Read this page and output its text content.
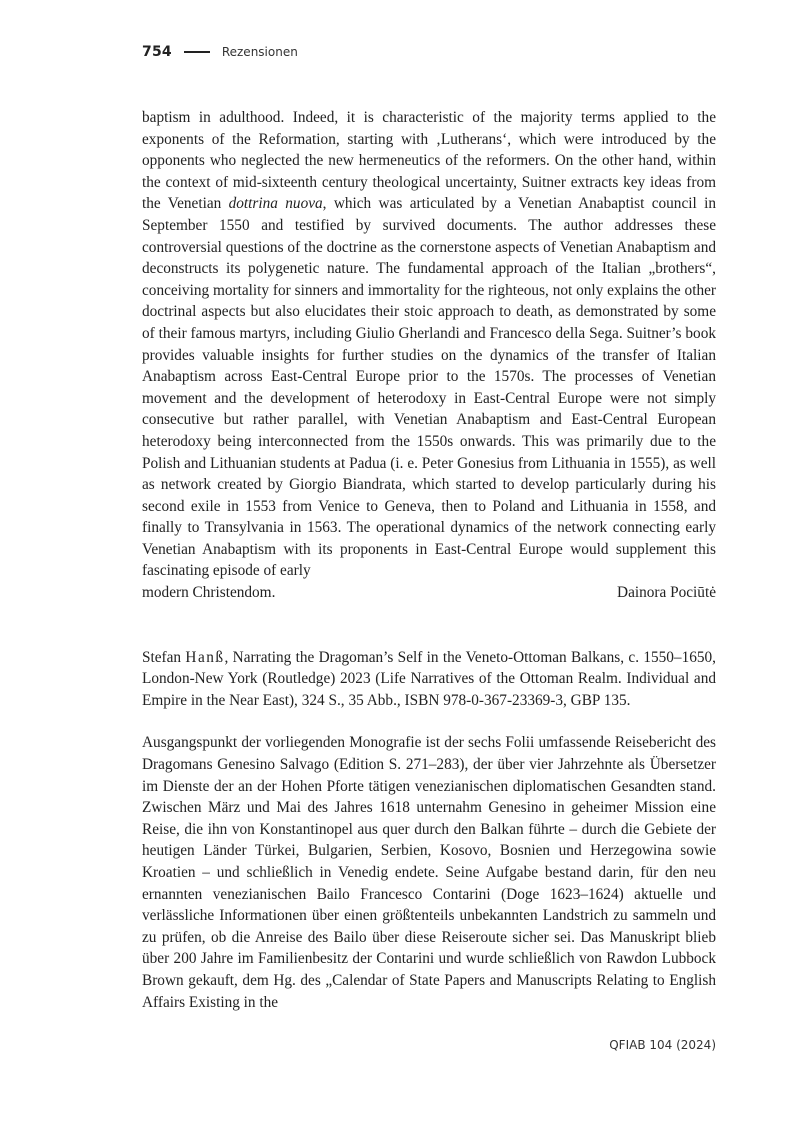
754	Rezensionen

baptism in adulthood. Indeed, it is characteristic of the majority terms applied to the exponents of the Reformation, starting with ‚Lutherans‘, which were introduced by the opponents who neglected the new hermeneutics of the reformers. On the other hand, within the context of mid-sixteenth century theological uncertainty, Suitner extracts key ideas from the Venetian dottrina nuova, which was articulated by a Venetian Anabaptist council in September 1550 and testified by survived documents. The author addresses these controversial questions of the doctrine as the cornerstone aspects of Venetian Anabaptism and deconstructs its polygenetic nature. The fundamental approach of the Italian „brothers“, conceiving mortality for sinners and immortality for the righteous, not only explains the other doctrinal aspects but also elucidates their stoic approach to death, as demonstrated by some of their famous martyrs, including Giulio Gherlandi and Francesco della Sega. Suitner’s book provides valuable insights for further studies on the dynamics of the transfer of Italian Anabaptism across East-Central Europe prior to the 1570s. The processes of Venetian movement and the development of heterodoxy in East-Central Europe were not simply consecutive but rather parallel, with Venetian Anabaptism and East-Central European heterodoxy being interconnected from the 1550s onwards. This was primarily due to the Polish and Lithuanian students at Padua (i. e. Peter Gonesius from Lithuania in 1555), as well as network created by Giorgio Biandrata, which started to develop particularly during his second exile in 1553 from Venice to Geneva, then to Poland and Lithuania in 1558, and finally to Transylvania in 1563. The operational dynamics of the network connecting early Venetian Anabaptism with its proponents in East-Central Europe would supplement this fascinating episode of early

modern Christendom.	Dainora Pociūtė

Stefan Hanß, Narrating the Dragoman’s Self in the Veneto-Ottoman Balkans, c. 1550–1650, London-New York (Routledge) 2023 (Life Narratives of the Ottoman Realm. Individual and Empire in the Near East), 324 S., 35 Abb., ISBN 978-0-367-23369-3, GBP 135.

Ausgangspunkt der vorliegenden Monografie ist der sechs Folii umfassende Reisebericht des Dragomans Genesino Salvago (Edition S. 271–283), der über vier Jahrzehnte als Übersetzer im Dienste der an der Hohen Pforte tätigen venezianischen diplomatischen Gesandten stand. Zwischen März und Mai des Jahres 1618 unternahm Genesino in geheimer Mission eine Reise, die ihn von Konstantinopel aus quer durch den Balkan führte – durch die Gebiete der heutigen Länder Türkei, Bulgarien, Serbien, Kosovo, Bosnien und Herzegowina sowie Kroatien – und schließlich in Venedig endete. Seine Aufgabe bestand darin, für den neu ernannten venezianischen Bailo Francesco Contarini (Doge 1623–1624) aktuelle und verlässliche Informationen über einen größtenteils unbekannten Landstrich zu sammeln und zu prüfen, ob die Anreise des Bailo über diese Reiseroute sicher sei. Das Manuskript blieb über 200 Jahre im Familienbesitz der Contarini und wurde schließlich von Rawdon Lubbock Brown gekauft, dem Hg. des „Calendar of State Papers and Manuscripts Relating to English Affairs Existing in the

QFIAB 104 (2024)
